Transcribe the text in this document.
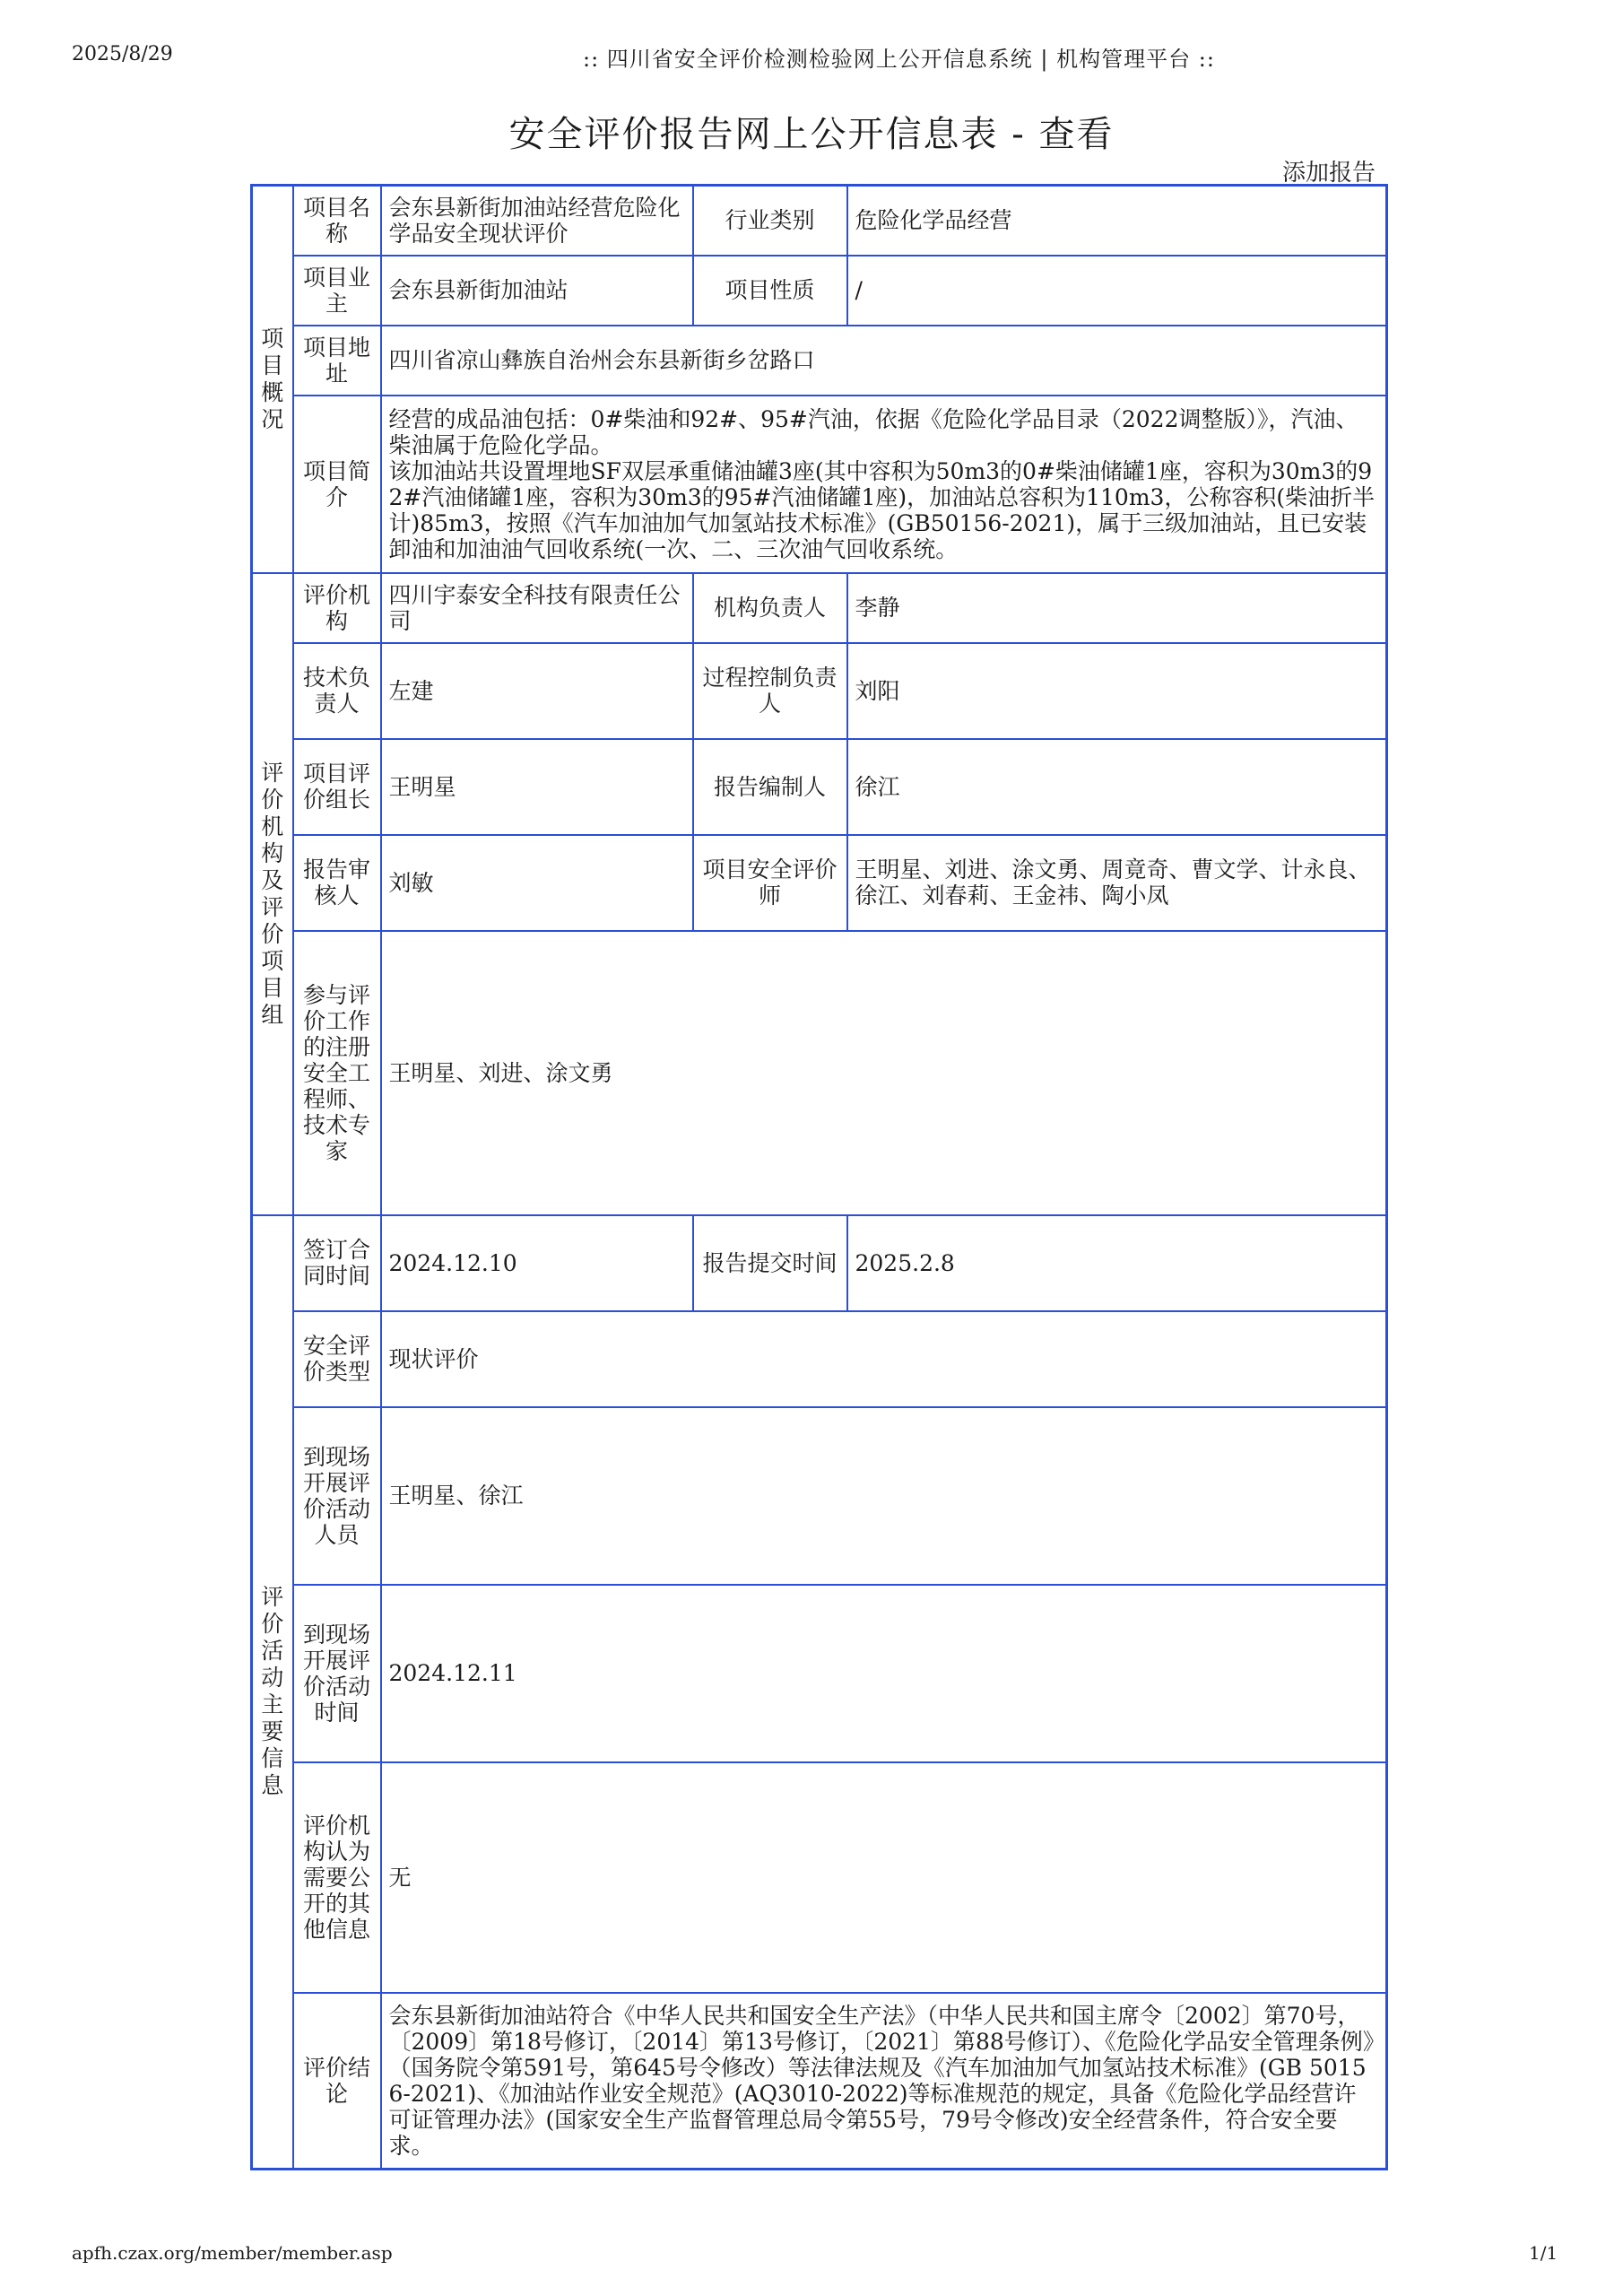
2025/8/29	:: 四川省安全评价检测检验网上公开信息系统 | 机构管理平台 ::
安全评价报告网上公开信息表 - 查看
添加报告
项目概况	项目名称	会东县新街加油站经营危险化学品安全现状评价	行业类别	危险化学品经营
	项目业主	会东县新街加油站	项目性质	/
	项目地址	四川省凉山彝族自治州会东县新街乡岔路口		
	项目简介	经营的成品油包括：0#柴油和92#、95#汽油，依据《危险化学品目录（2022调整版）》，汽油、柴油属于危险化学品。
该加油站共设置埋地SF双层承重储油罐3座(其中容积为50m3的0#柴油储罐1座，容积为30m3的92#汽油储罐1座，容积为30m3的95#汽油储罐1座)，加油站总容积为110m3，公称容积(柴油折半计)85m3，按照《汽车加油加气加氢站技术标准》(GB50156-2021)，属于三级加油站，且已安装卸油和加油油气回收系统(一次、二、三次油气回收系统。		

评价机构及评价项目组	评价机构	四川宇泰安全科技有限责任公司	机构负责人	李静
	技术负责人	左建	过程控制负责人	刘阳
	项目评价组长	王明星	报告编制人	徐江
	报告审核人	刘敏	项目安全评价师	王明星、刘进、涂文勇、周竟奇、曹文学、计永良、徐江、刘春莉、王金祎、陶小凤
	参与评价工作的注册安全工程师、技术专家	王明星、刘进、涂文勇		
评价活动主要信息	签订合同时间	2024.12.10	报告提交时间	2025.2.8
	安全评价类型	现状评价		
	到现场开展评价活动人员	王明星、徐江		
	到现场开展评价活动时间	2024.12.11		
	评价机构认为需要公开的其他信息	无		
	评价结论	会东县新街加油站符合《中华人民共和国安全生产法》（中华人民共和国主席令〔2002〕第70号，〔2009〕第18号修订，〔2014〕第13号修订，〔2021〕第88号修订）、《危险化学品安全管理条例》（国务院令第591号，第645号令修改）等法律法规及《汽车加油加气加氢站技术标准》(GB 50156-2021)、《加油站作业安全规范》(AQ3010-2022)等标准规范的规定，具备《危险化学品经营许可证管理办法》(国家安全生产监督管理总局令第55号，79号令修改)安全经营条件，符合安全要求。		
apfh.czax.org/member/member.asp	1/1
